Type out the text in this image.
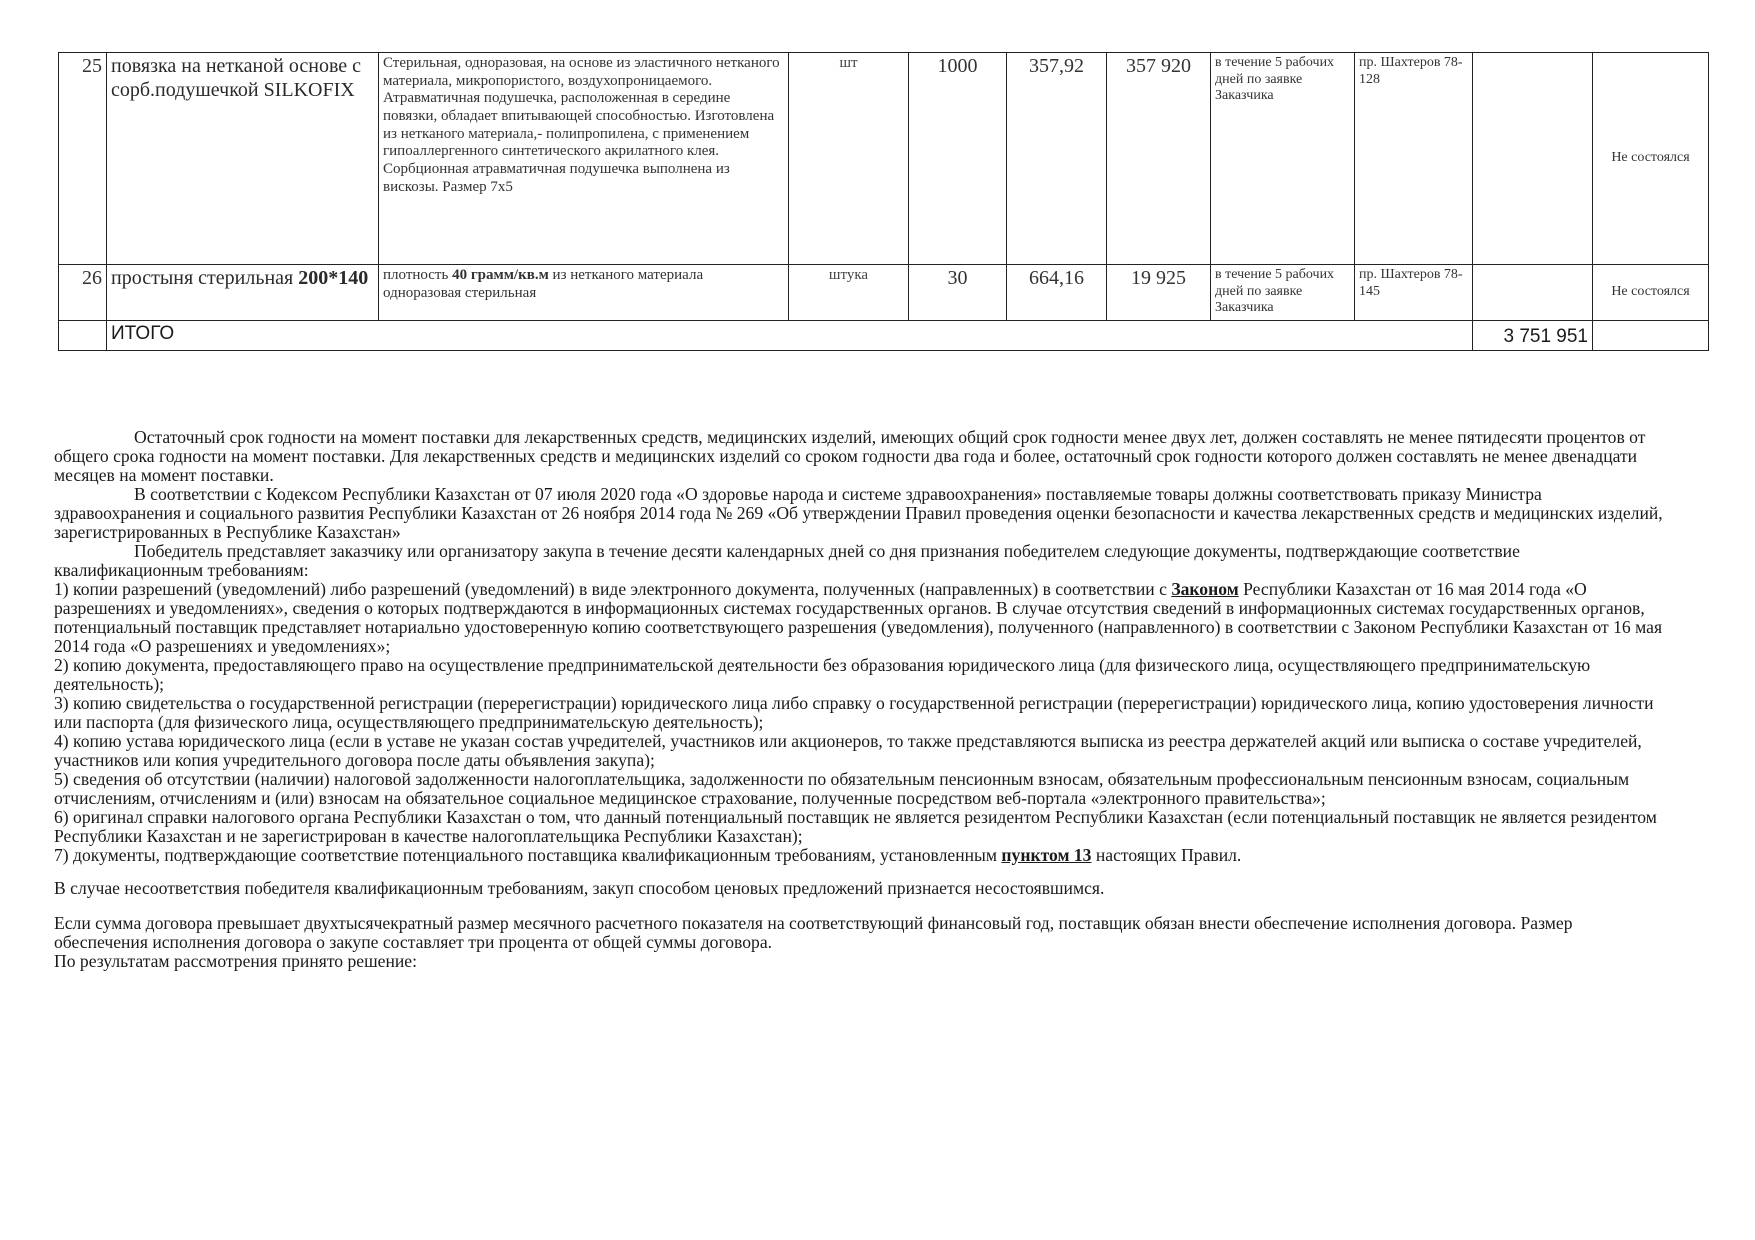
25	повязка на нетканой основе с сорб.подушечкой SILKOFIX	Стерильная, одноразовая, на основе из эластичного нетканого материала, микропористого, воздухопроницаемого. Атравматичная подушечка, расположенная в середине повязки, обладает впитывающей способностью. Изготовлена из нетканого материала,- полипропилена, с применением гипоаллергенного синтетического акрилатного клея. Сорбционная атравматичная подушечка выполнена из вискозы. Размер 7х5	шт	1000	357,92	357 920	в течение 5 рабочих дней по заявке Заказчика	пр. Шахтеров 78-128		Не состоялся
26	простыня стерильная 200*140	плотность 40 грамм/кв.м из нетканого материала одноразовая стерильная	штука	30	664,16	19 925	в течение 5 рабочих дней по заявке Заказчика	пр. Шахтеров 78-145		Не состоялся
	ИТОГО								3 751 951	

Остаточный срок годности на момент поставки для лекарственных средств, медицинских изделий, имеющих общий срок годности менее двух лет, должен составлять не менее пятидесяти процентов от общего срока годности на момент поставки. Для лекарственных средств и медицинских изделий со сроком годности два года и более, остаточный срок годности которого должен составлять не менее двенадцати месяцев на момент поставки.

В соответствии с Кодексом Республики Казахстан от 07 июля 2020 года «О здоровье народа и системе здравоохранения» поставляемые товары должны соответствовать приказу Министра здравоохранения и социального развития Республики Казахстан от 26 ноября 2014 года № 269 «Об утверждении Правил проведения оценки безопасности и качества лекарственных средств и медицинских изделий, зарегистрированных в Республике Казахстан»

Победитель представляет заказчику или организатору закупа в течение десяти календарных дней со дня признания победителем следующие документы, подтверждающие соответствие квалификационным требованиям:

1) копии разрешений (уведомлений) либо разрешений (уведомлений) в виде электронного документа, полученных (направленных) в соответствии с Законом Республики Казахстан от 16 мая 2014 года «О разрешениях и уведомлениях», сведения о которых подтверждаются в информационных системах государственных органов. В случае отсутствия сведений в информационных системах государственных органов, потенциальный поставщик представляет нотариально удостоверенную копию соответствующего разрешения (уведомления), полученного (направленного) в соответствии с Законом Республики Казахстан от 16 мая 2014 года «О разрешениях и уведомлениях»;

2) копию документа, предоставляющего право на осуществление предпринимательской деятельности без образования юридического лица (для физического лица, осуществляющего предпринимательскую деятельность);

3) копию свидетельства о государственной регистрации (перерегистрации) юридического лица либо справку о государственной регистрации (перерегистрации) юридического лица, копию удостоверения личности или паспорта (для физического лица, осуществляющего предпринимательскую деятельность);

4) копию устава юридического лица (если в уставе не указан состав учредителей, участников или акционеров, то также представляются выписка из реестра держателей акций или выписка о составе учредителей, участников или копия учредительного договора после даты объявления закупа);

5) сведения об отсутствии (наличии) налоговой задолженности налогоплательщика, задолженности по обязательным пенсионным взносам, обязательным профессиональным пенсионным взносам, социальным отчислениям, отчислениям и (или) взносам на обязательное социальное медицинское страхование, полученные посредством веб-портала «электронного правительства»;

6) оригинал справки налогового органа Республики Казахстан о том, что данный потенциальный поставщик не является резидентом Республики Казахстан (если потенциальный поставщик не является резидентом Республики Казахстан и не зарегистрирован в качестве налогоплательщика Республики Казахстан);

7) документы, подтверждающие соответствие потенциального поставщика квалификационным требованиям, установленным пунктом 13 настоящих Правил.

В случае несоответствия победителя квалификационным требованиям, закуп способом ценовых предложений признается несостоявшимся.

Если сумма договора превышает двухтысячекратный размер месячного расчетного показателя на соответствующий финансовый год, поставщик обязан внести обеспечение исполнения договора. Размер обеспечения исполнения договора о закупе составляет три процента от общей суммы договора.

По результатам рассмотрения принято решение:
